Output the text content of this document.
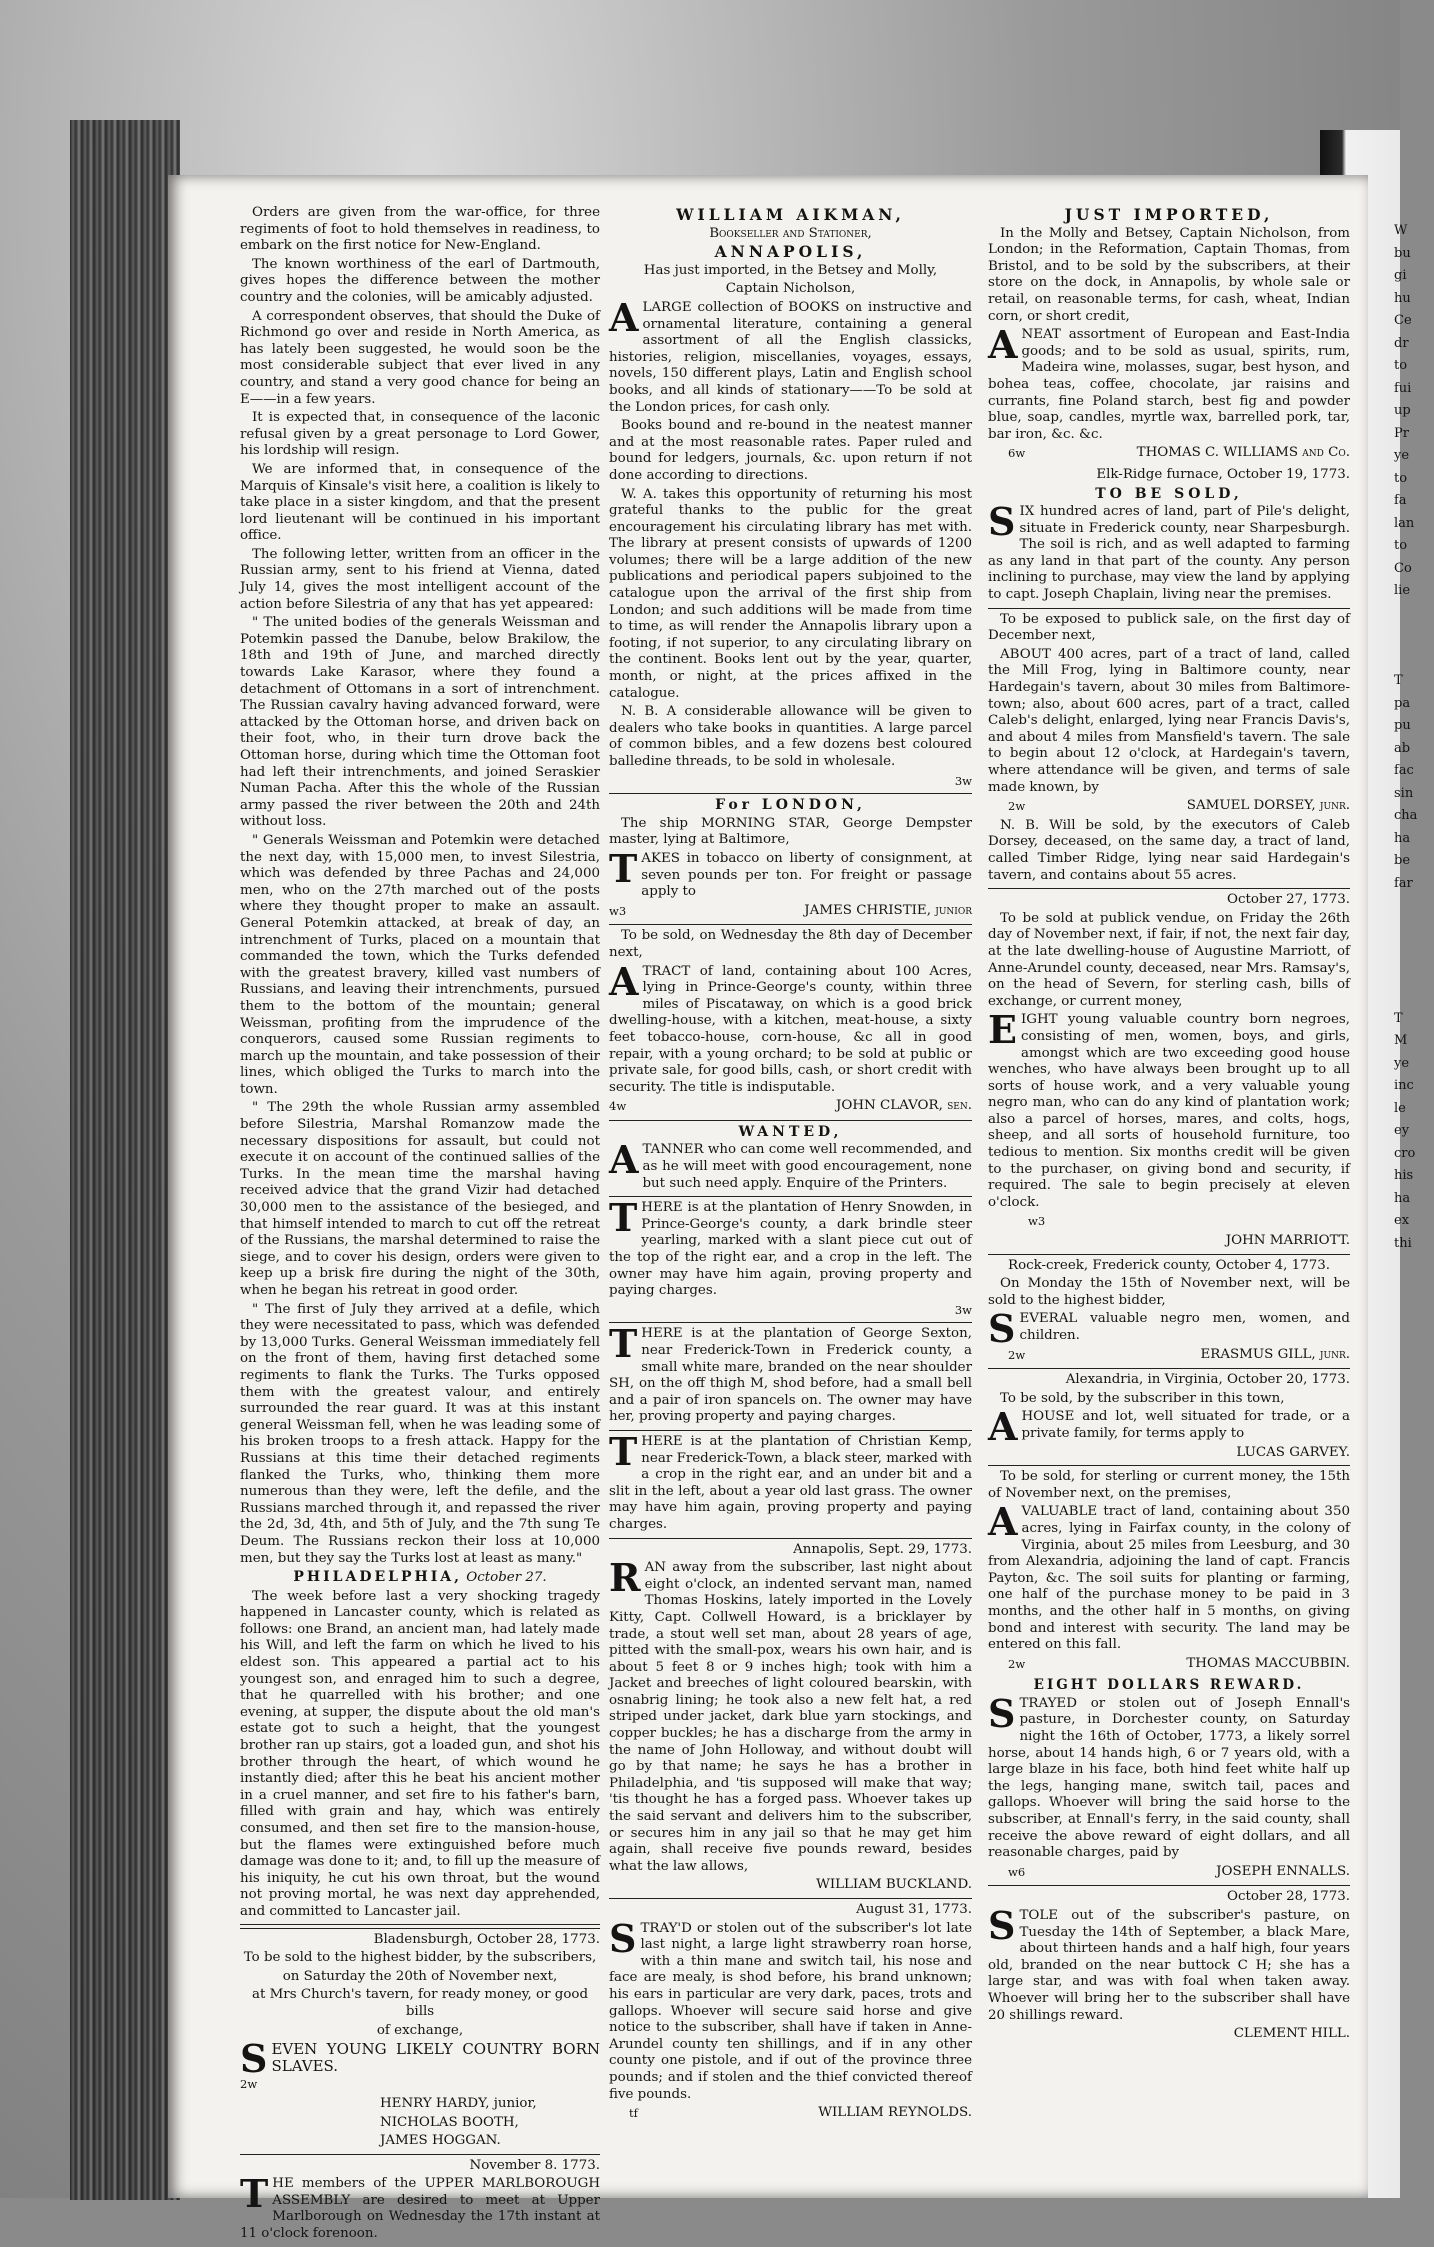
Orders are given from the war-office, for three regiments of foot to hold themselves in readiness, to embark on the first notice for New-England.

The known worthiness of the earl of Dartmouth, gives hopes the difference between the mother country and the colonies, will be amicably adjusted.

A correspondent observes, that should the Duke of Richmond go over and reside in North America, as has lately been suggested, he would soon be the most considerable subject that ever lived in any country, and stand a very good chance for being an E——in a few years.

It is expected that, in consequence of the laconic refusal given by a great personage to Lord Gower, his lordship will resign.

We are informed that, in consequence of the Marquis of Kinsale's visit here, a coalition is likely to take place in a sister kingdom, and that the present lord lieutenant will be continued in his important office.

The following letter, written from an officer in the Russian army, sent to his friend at Vienna, dated July 14, gives the most intelligent account of the action before Silestria of any that has yet appeared:

" The united bodies of the generals Weissman and Potemkin passed the Danube, below Brakilow, the 18th and 19th of June, and marched directly towards Lake Karasor, where they found a detachment of Ottomans in a sort of intrenchment. The Russian cavalry having advanced forward, were attacked by the Ottoman horse, and driven back on their foot, who, in their turn drove back the Ottoman horse, during which time the Ottoman foot had left their intrenchments, and joined Seraskier Numan Pacha. After this the whole of the Russian army passed the river between the 20th and 24th without loss.

" Generals Weissman and Potemkin were detached the next day, with 15,000 men, to invest Silestria, which was defended by three Pachas and 24,000 men, who on the 27th marched out of the posts where they thought proper to make an assault. General Potemkin attacked, at break of day, an intrenchment of Turks, placed on a mountain that commanded the town, which the Turks defended with the greatest bravery, killed vast numbers of Russians, and leaving their intrenchments, pursued them to the bottom of the mountain; general Weissman, profiting from the imprudence of the conquerors, caused some Russian regiments to march up the mountain, and take possession of their lines, which obliged the Turks to march into the town.

" The 29th the whole Russian army assembled before Silestria, Marshal Romanzow made the necessary dispositions for assault, but could not execute it on account of the continued sallies of the Turks. In the mean time the marshal having received advice that the grand Vizir had detached 30,000 men to the assistance of the besieged, and that himself intended to march to cut off the retreat of the Russians, the marshal determined to raise the siege, and to cover his design, orders were given to keep up a brisk fire during the night of the 30th, when he began his retreat in good order.

" The first of July they arrived at a defile, which they were necessitated to pass, which was defended by 13,000 Turks. General Weissman immediately fell on the front of them, having first detached some regiments to flank the Turks. The Turks opposed them with the greatest valour, and entirely surrounded the rear guard. It was at this instant general Weissman fell, when he was leading some of his broken troops to a fresh attack. Happy for the Russians at this time their detached regiments flanked the Turks, who, thinking them more numerous than they were, left the defile, and the Russians marched through it, and repassed the river the 2d, 3d, 4th, and 5th of July, and the 7th sung Te Deum. The Russians reckon their loss at 10,000 men, but they say the Turks lost at least as many."

PHILADELPHIA, October 27.

The week before last a very shocking tragedy happened in Lancaster county, which is related as follows: one Brand, an ancient man, had lately made his Will, and left the farm on which he lived to his eldest son. This appeared a partial act to his youngest son, and enraged him to such a degree, that he quarrelled with his brother; and one evening, at supper, the dispute about the old man's estate got to such a height, that the youngest brother ran up stairs, got a loaded gun, and shot his brother through the heart, of which wound he instantly died; after this he beat his ancient mother in a cruel manner, and set fire to his father's barn, filled with grain and hay, which was entirely consumed, and then set fire to the mansion-house, but the flames were extinguished before much damage was done to it; and, to fill up the measure of his iniquity, he cut his own throat, but the wound not proving mortal, he was next day apprehended, and committed to Lancaster jail.

Bladensburgh, October 28, 1773.

To be sold to the highest bidder, by the subscribers,

on Saturday the 20th of November next,

at Mrs Church's tavern, for ready money, or good bills

of exchange,

SEVEN YOUNG LIKELY COUNTRY BORN SLAVES.

2w

HENRY HARDY, junior,

NICHOLAS BOOTH,

JAMES HOGGAN.

November 8. 1773.

THE members of the UPPER MARLBOROUGH ASSEMBLY are desired to meet at Upper Marlborough on Wednesday the 17th instant at 11 o'clock forenoon.

WILLIAM AIKMAN,

Bookseller and Stationer,

ANNAPOLIS,

Has just imported, in the Betsey and Molly,

Captain Nicholson,

ALARGE collection of BOOKS on instructive and ornamental literature, containing a general assortment of all the English classicks, histories, religion, miscellanies, voyages, essays, novels, 150 different plays, Latin and English school books, and all kinds of stationary——To be sold at the London prices, for cash only.

Books bound and re-bound in the neatest manner and at the most reasonable rates. Paper ruled and bound for ledgers, journals, &c. upon return if not done according to directions.

W. A. takes this opportunity of returning his most grateful thanks to the public for the great encouragement his circulating library has met with. The library at present consists of upwards of 1200 volumes; there will be a large addition of the new publications and periodical papers subjoined to the catalogue upon the arrival of the first ship from London; and such additions will be made from time to time, as will render the Annapolis library upon a footing, if not superior, to any circulating library on the continent. Books lent out by the year, quarter, month, or night, at the prices affixed in the catalogue.

N. B. A considerable allowance will be given to dealers who take books in quantities. A large parcel of common bibles, and a few dozens best coloured balledine threads, to be sold in wholesale.

3w

For LONDON,

The ship MORNING STAR, George Dempster master, lying at Baltimore,

TAKES in tobacco on liberty of consignment, at seven pounds per ton. For freight or passage apply to

w3	JAMES CHRISTIE, junior

To be sold, on Wednesday the 8th day of December next,

ATRACT of land, containing about 100 Acres, lying in Prince-George's county, within three miles of Piscataway, on which is a good brick dwelling-house, with a kitchen, meat-house, a sixty feet tobacco-house, corn-house, &c all in good repair, with a young orchard; to be sold at public or private sale, for good bills, cash, or short credit with security. The title is indisputable.

4w	JOHN CLAVOR, sen.

WANTED,

ATANNER who can come well recommended, and as he will meet with good encouragement, none but such need apply. Enquire of the Printers.

THERE is at the plantation of Henry Snowden, in Prince-George's county, a dark brindle steer yearling, marked with a slant piece cut out of the top of the right ear, and a crop in the left. The owner may have him again, proving property and paying charges.

3w

THERE is at the plantation of George Sexton, near Frederick-Town in Frederick county, a small white mare, branded on the near shoulder SH, on the off thigh M, shod before, had a small bell and a pair of iron spancels on. The owner may have her, proving property and paying charges.

THERE is at the plantation of Christian Kemp, near Frederick-Town, a black steer, marked with a crop in the right ear, and an under bit and a slit in the left, about a year old last grass. The owner may have him again, proving property and paying charges.

Annapolis, Sept. 29, 1773.

RAN away from the subscriber, last night about eight o'clock, an indented servant man, named Thomas Hoskins, lately imported in the Lovely Kitty, Capt. Collwell Howard, is a bricklayer by trade, a stout well set man, about 28 years of age, pitted with the small-pox, wears his own hair, and is about 5 feet 8 or 9 inches high; took with him a Jacket and breeches of light coloured bearskin, with osnabrig lining; he took also a new felt hat, a red striped under jacket, dark blue yarn stockings, and copper buckles; he has a discharge from the army in the name of John Holloway, and without doubt will go by that name; he says he has a brother in Philadelphia, and 'tis supposed will make that way; 'tis thought he has a forged pass. Whoever takes up the said servant and delivers him to the subscriber, or secures him in any jail so that he may get him again, shall receive five pounds reward, besides what the law allows,

WILLIAM BUCKLAND.

August 31, 1773.

STRAY'D or stolen out of the subscriber's lot late last night, a large light strawberry roan horse, with a thin mane and switch tail, his nose and face are mealy, is shod before, his brand unknown; his ears in particular are very dark, paces, trots and gallops. Whoever will secure said horse and give notice to the subscriber, shall have if taken in Anne-Arundel county ten shillings, and if in any other county one pistole, and if out of the province three pounds; and if stolen and the thief convicted thereof five pounds.

tf	WILLIAM REYNOLDS.

JUST IMPORTED,

In the Molly and Betsey, Captain Nicholson, from London; in the Reformation, Captain Thomas, from Bristol, and to be sold by the subscribers, at their store on the dock, in Annapolis, by whole sale or retail, on reasonable terms, for cash, wheat, Indian corn, or short credit,

ANEAT assortment of European and East-India goods; and to be sold as usual, spirits, rum, Madeira wine, molasses, sugar, best hyson, and bohea teas, coffee, chocolate, jar raisins and currants, fine Poland starch, best fig and powder blue, soap, candles, myrtle wax, barrelled pork, tar, bar iron, &c. &c.

6w	THOMAS C. WILLIAMS and Co.

Elk-Ridge furnace, October 19, 1773.

TO BE SOLD,

SIX hundred acres of land, part of Pile's delight, situate in Frederick county, near Sharpesburgh. The soil is rich, and as well adapted to farming as any land in that part of the county. Any person inclining to purchase, may view the land by applying to capt. Joseph Chaplain, living near the premises.

To be exposed to publick sale, on the first day of December next,

ABOUT 400 acres, part of a tract of land, called the Mill Frog, lying in Baltimore county, near Hardegain's tavern, about 30 miles from Baltimore-town; also, about 600 acres, part of a tract, called Caleb's delight, enlarged, lying near Francis Davis's, and about 4 miles from Mansfield's tavern. The sale to begin about 12 o'clock, at Hardegain's tavern, where attendance will be given, and terms of sale made known, by

2w	SAMUEL DORSEY, junr.

N. B. Will be sold, by the executors of Caleb Dorsey, deceased, on the same day, a tract of land, called Timber Ridge, lying near said Hardegain's tavern, and contains about 55 acres.

October 27, 1773.

To be sold at publick vendue, on Friday the 26th day of November next, if fair, if not, the next fair day, at the late dwelling-house of Augustine Marriott, of Anne-Arundel county, deceased, near Mrs. Ramsay's, on the head of Severn, for sterling cash, bills of exchange, or current money,

EIGHT young valuable country born negroes, consisting of men, women, boys, and girls, amongst which are two exceeding good house wenches, who have always been brought up to all sorts of house work, and a very valuable young negro man, who can do any kind of plantation work; also a parcel of horses, mares, and colts, hogs, sheep, and all sorts of household furniture, too tedious to mention. Six months credit will be given to the purchaser, on giving bond and security, if required. The sale to begin precisely at eleven o'clock.

w3

JOHN MARRIOTT.

Rock-creek, Frederick county, October 4, 1773.

On Monday the 15th of November next, will be sold to the highest bidder,

SEVERAL valuable negro men, women, and children.

2w	ERASMUS GILL, junr.

Alexandria, in Virginia, October 20, 1773.

To be sold, by the subscriber in this town,

AHOUSE and lot, well situated for trade, or a private family, for terms apply to

LUCAS GARVEY.

To be sold, for sterling or current money, the 15th of November next, on the premises,

AVALUABLE tract of land, containing about 350 acres, lying in Fairfax county, in the colony of Virginia, about 25 miles from Leesburg, and 30 from Alexandria, adjoining the land of capt. Francis Payton, &c. The soil suits for planting or farming, one half of the purchase money to be paid in 3 months, and the other half in 5 months, on giving bond and interest with security. The land may be entered on this fall.

2w	THOMAS MACCUBBIN.

EIGHT DOLLARS REWARD.

STRAYED or stolen out of Joseph Ennall's pasture, in Dorchester county, on Saturday night the 16th of October, 1773, a likely sorrel horse, about 14 hands high, 6 or 7 years old, with a large blaze in his face, both hind feet white half up the legs, hanging mane, switch tail, paces and gallops. Whoever will bring the said horse to the subscriber, at Ennall's ferry, in the said county, shall receive the above reward of eight dollars, and all reasonable charges, paid by

w6	JOSEPH ENNALLS.

October 28, 1773.

STOLE out of the subscriber's pasture, on Tuesday the 14th of September, a black Mare, about thirteen hands and a half high, four years old, branded on the near buttock C H; she has a large star, and was with foal when taken away. Whoever will bring her to the subscriber shall have 20 shillings reward.

CLEMENT HILL.

W
bu
gi
hu
Ce
dr
to
fui
up
Pr
ye
to
fa
lan
to
Co
lie

T
pa
pu
ab
fac
sin
cha
ha
be
far

T
M
ye
inc
le
ey
cro
his
ha
ex
thi
